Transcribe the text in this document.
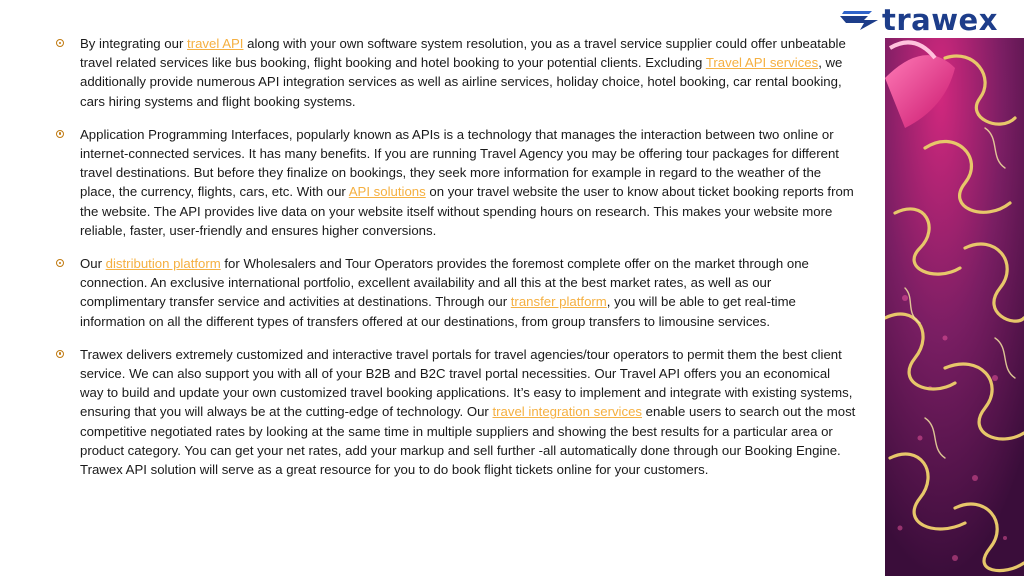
trawex
By integrating our travel API along with your own software system resolution, you as a travel service supplier could offer unbeatable travel related services like bus booking, flight booking and hotel booking to your potential clients. Excluding Travel API services, we additionally provide numerous API integration services as well as airline services, holiday choice, hotel booking, car rental booking, cars hiring systems and flight booking systems.
Application Programming Interfaces, popularly known as APIs is a technology that manages the interaction between two online or internet-connected services. It has many benefits. If you are running Travel Agency you may be offering tour packages for different travel destinations. But before they finalize on bookings, they seek more information for example in regard to the weather of the place, the currency, flights, cars, etc. With our API solutions on your travel website the user to know about ticket booking reports from the website. The API provides live data on your website itself without spending hours on research. This makes your website more reliable, faster, user-friendly and ensures higher conversions.
Our distribution platform for Wholesalers and Tour Operators provides the foremost complete offer on the market through one connection. An exclusive international portfolio, excellent availability and all this at the best market rates, as well as our complimentary transfer service and activities at destinations. Through our transfer platform, you will be able to get real-time information on all the different types of transfers offered at our destinations, from group transfers to limousine services.
Trawex delivers extremely customized and interactive travel portals for travel agencies/tour operators to permit them the best client service. We can also support you with all of your B2B and B2C travel portal necessities. Our Travel API offers you an economical way to build and update your own customized travel booking applications. It’s easy to implement and integrate with existing systems, ensuring that you will always be at the cutting-edge of technology. Our travel integration services enable users to search out the most competitive negotiated rates by looking at the same time in multiple suppliers and showing the best results for a particular area or product category. You can get your net rates, add your markup and sell further -all automatically done through our Booking Engine. Trawex API solution will serve as a great resource for you to do book flight tickets online for your customers.
